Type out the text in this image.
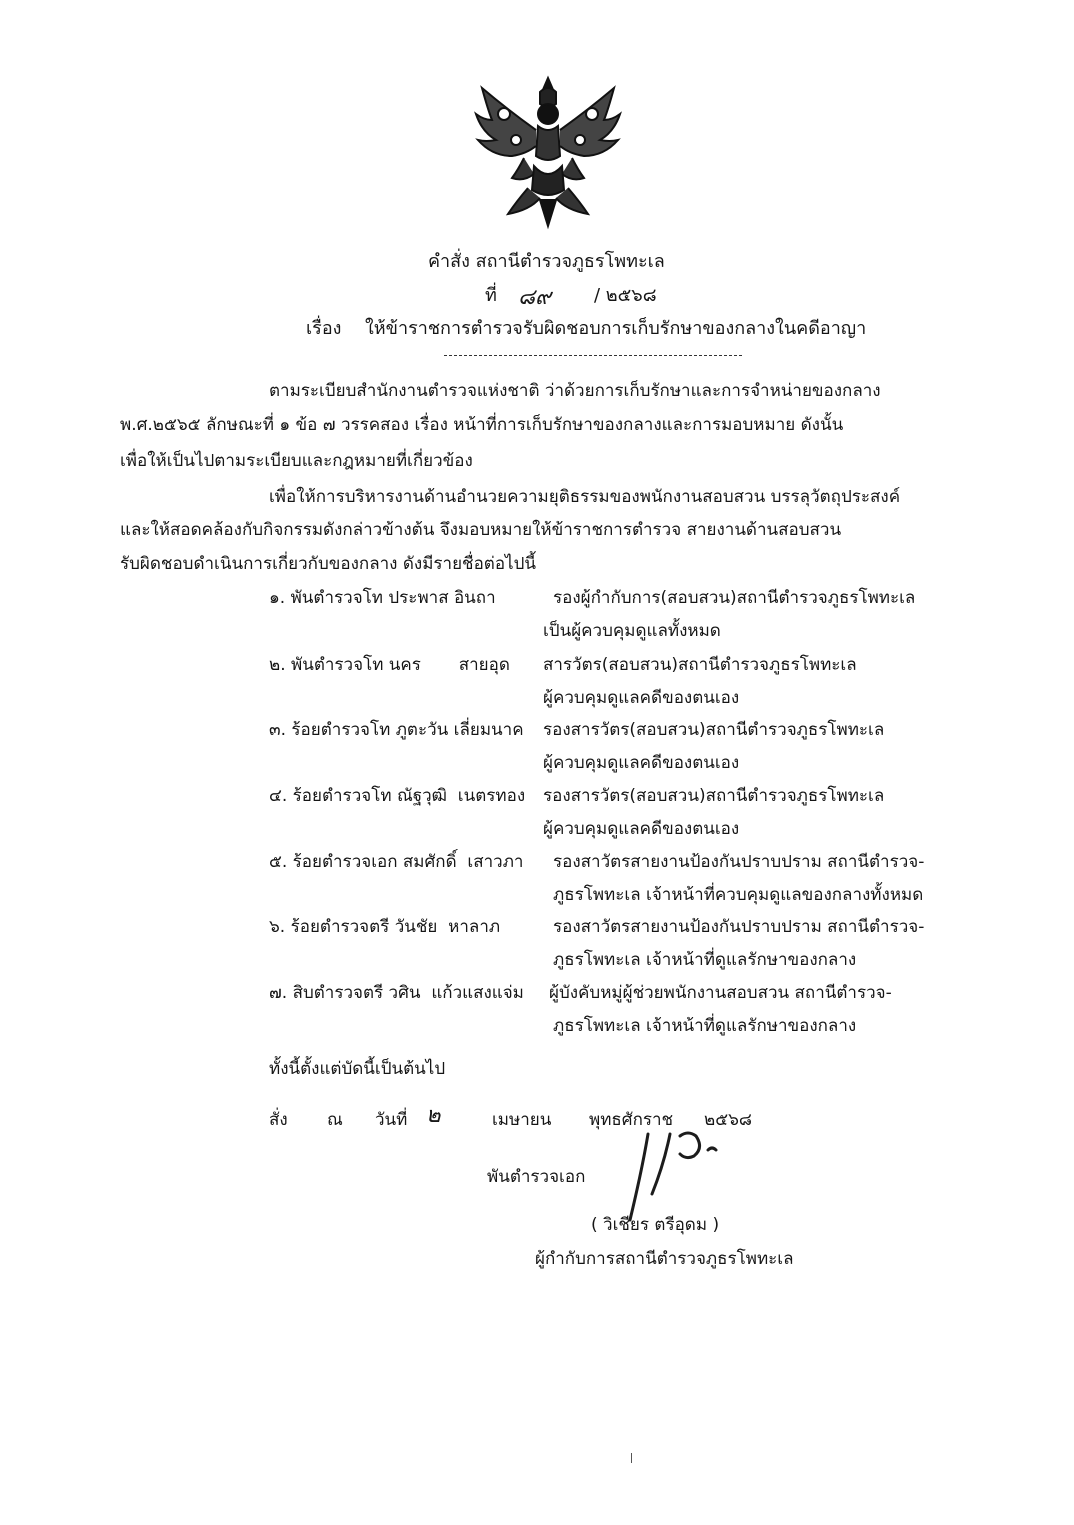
คำสั่ง สถานีตำรวจภูธรโพทะเล
ที่ ๘๙ / ๒๕๖๘
เรื่อง ให้ข้าราชการตำรวจรับผิดชอบการเก็บรักษาของกลางในคดีอาญา
ตามระเบียบสำนักงานตำรวจแห่งชาติ ว่าด้วยการเก็บรักษาและการจำหน่ายของกลาง
พ.ศ.๒๕๖๕ ลักษณะที่ ๑ ข้อ ๗ วรรคสอง เรื่อง หน้าที่การเก็บรักษาของกลางและการมอบหมาย ดังนั้น
เพื่อให้เป็นไปตามระเบียบและกฎหมายที่เกี่ยวข้อง
เพื่อให้การบริหารงานด้านอำนวยความยุติธรรมของพนักงานสอบสวน บรรลุวัตถุประสงค์
และให้สอดคล้องกับกิจกรรมดังกล่าวข้างต้น จึงมอบหมายให้ข้าราชการตำรวจ สายงานด้านสอบสวน
รับผิดชอบดำเนินการเกี่ยวกับของกลาง ดังมีรายชื่อต่อไปนี้
๑. พันตำรวจโท ประพาส อินถา	รองผู้กำกับการ(สอบสวน)สถานีตำรวจภูธรโพทะเล
เป็นผู้ควบคุมดูแลทั้งหมด
๒. พันตำรวจโท นคร       สายอุด สารวัตร(สอบสวน)สถานีตำรวจภูธรโพทะเล
ผู้ควบคุมดูแลคดีของตนเอง
๓. ร้อยตำรวจโท ภูตะวัน เลี่ยมนาค รองสารวัตร(สอบสวน)สถานีตำรวจภูธรโพทะเล
ผู้ควบคุมดูแลคดีของตนเอง
๔. ร้อยตำรวจโท ณัฐวุฒิ  เนตรทอง รองสารวัตร(สอบสวน)สถานีตำรวจภูธรโพทะเล
ผู้ควบคุมดูแลคดีของตนเอง
๕. ร้อยตำรวจเอก สมศักดิ์  เสาวภา รองสาวัตรสายงานป้องกันปราบปราม สถานีตำรวจ-
ภูธรโพทะเล เจ้าหน้าที่ควบคุมดูแลของกลางทั้งหมด
๖. ร้อยตำรวจตรี วันชัย  หาลาภ	รองสาวัตรสายงานป้องกันปราบปราม สถานีตำรวจ-
ภูธรโพทะเล เจ้าหน้าที่ดูแลรักษาของกลาง
๗. สิบตำรวจตรี วศิน  แก้วแสงแจ่ม ผู้บังคับหมู่ผู้ช่วยพนักงานสอบสวน สถานีตำรวจ-
ภูธรโพทะเล เจ้าหน้าที่ดูแลรักษาของกลาง
ทั้งนี้ตั้งแต่บัดนี้เป็นต้นไป
สั่ง ณ วันที่ ๒	เมษายน พุทธศักราช ๒๕๖๘
พันตำรวจเอก
( วิเชียร ตรีอุดม )
ผู้กำกับการสถานีตำรวจภูธรโพทะเล
